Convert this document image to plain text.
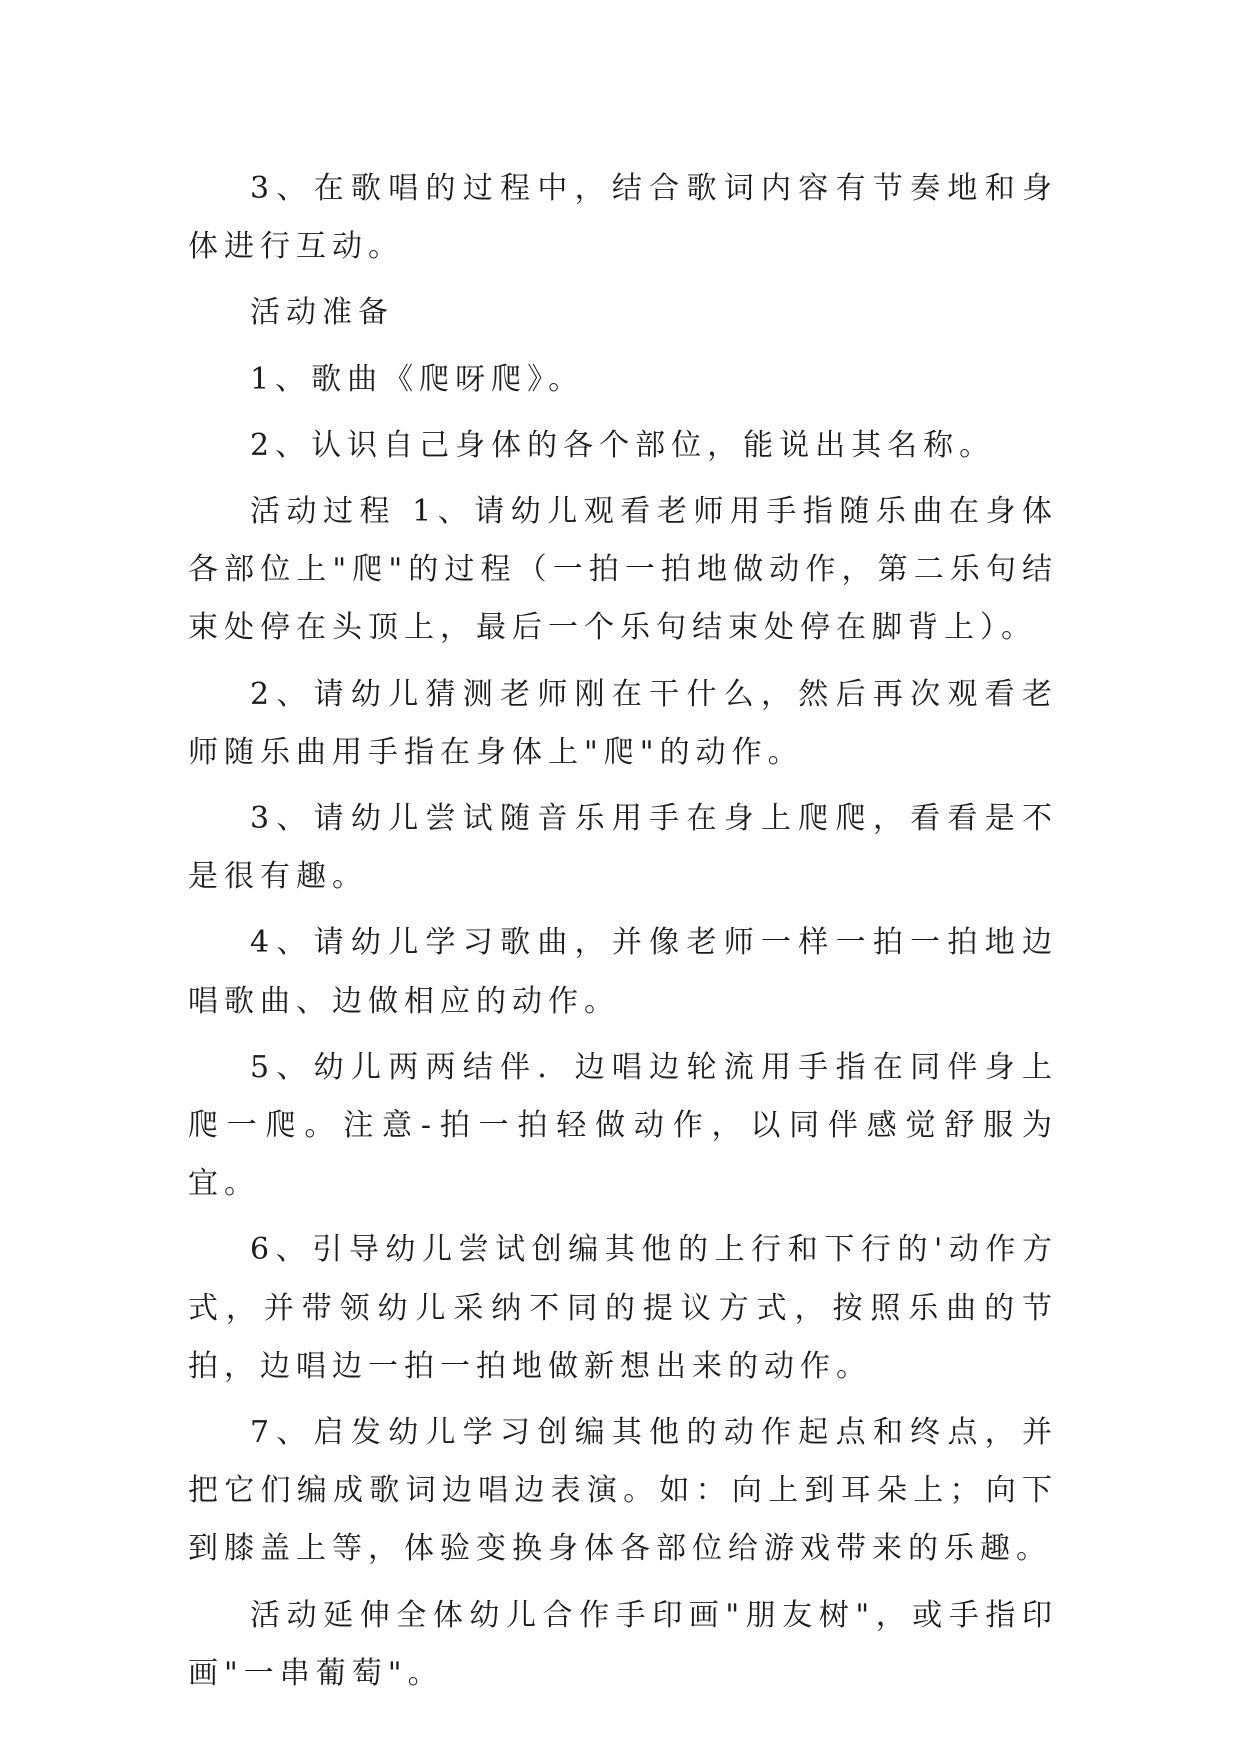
3、在歌唱的过程中，结合歌词内容有节奏地和身体进行互动。

活动准备

1、歌曲《爬呀爬》。

2、认识自己身体的各个部位，能说出其名称。

活动过程 1、请幼儿观看老师用手指随乐曲在身体各部位上"爬"的过程（一拍一拍地做动作，第二乐句结束处停在头顶上，最后一个乐句结束处停在脚背上）。

2、请幼儿猜测老师刚在干什么，然后再次观看老师随乐曲用手指在身体上"爬"的动作。

3、请幼儿尝试随音乐用手在身上爬爬，看看是不是很有趣。

4、请幼儿学习歌曲，并像老师一样一拍一拍地边唱歌曲、边做相应的动作。

5、幼儿两两结伴．边唱边轮流用手指在同伴身上爬一爬。注意-拍一拍轻做动作，以同伴感觉舒服为宜。

6、引导幼儿尝试创编其他的上行和下行的'动作方式，并带领幼儿采纳不同的提议方式，按照乐曲的节拍，边唱边一拍一拍地做新想出来的动作。

7、启发幼儿学习创编其他的动作起点和终点，并把它们编成歌词边唱边表演。如：向上到耳朵上；向下到膝盖上等，体验变换身体各部位给游戏带来的乐趣。

活动延伸全体幼儿合作手印画"朋友树"，或手指印画"一串葡萄"。
